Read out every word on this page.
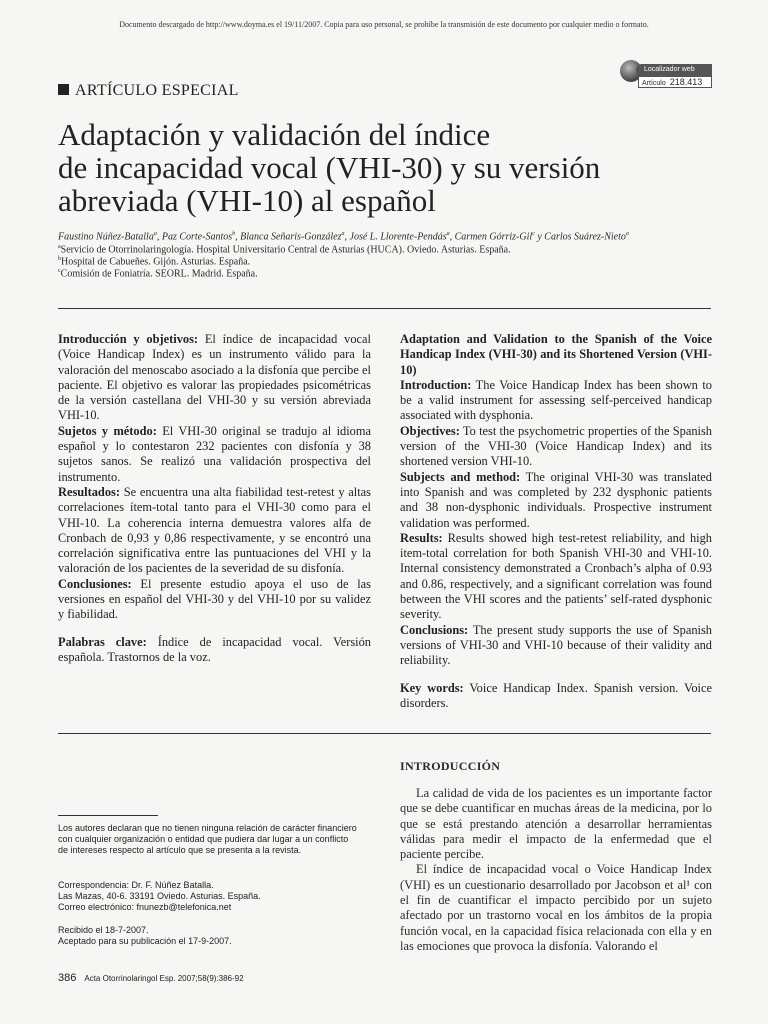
Documento descargado de http://www.doyma.es el 19/11/2007. Copia para uso personal, se prohíbe la transmisión de este documento por cualquier medio o formato.
ARTÍCULO ESPECIAL
Localizador web
Artículo 218.413
Adaptación y validación del índice
de incapacidad vocal (VHI-30) y su versión
abreviada (VHI-10) al español
Faustino Núñez-Batalla$^a$, Paz Corte-Santos$^b$, Blanca Señaris-González$^a$, José L. Llorente-Pendás$^a$, Carmen Górriz-Gil$^c$ y Carlos Suárez-Nieto$^a$
$^a$Servicio de Otorrinolaringología. Hospital Universitario Central de Asturias (HUCA). Oviedo. Asturias. España.
$^b$Hospital de Cabueñes. Gijón. Asturias. España.
$^c$Comisión de Foniatría. SEORL. Madrid. España.

Introducción y objetivos: El índice de incapacidad vocal (Voice Handicap Index) es un instrumento válido para la valoración del menoscabo asociado a la disfonía que percibe el paciente. El objetivo es valorar las propiedades psicométricas de la versión castellana del VHI-30 y su versión abreviada VHI-10.

Sujetos y método: El VHI-30 original se tradujo al idioma español y lo contestaron 232 pacientes con disfonía y 38 sujetos sanos. Se realizó una validación prospectiva del instrumento.

Resultados: Se encuentra una alta fiabilidad test-retest y altas correlaciones ítem-total tanto para el VHI-30 como para el VHI-10. La coherencia interna demuestra valores alfa de Cronbach de 0,93 y 0,86 respectivamente, y se encontró una correlación significativa entre las puntuaciones del VHI y la valoración de los pacientes de la severidad de su disfonía.

Conclusiones: El presente estudio apoya el uso de las versiones en español del VHI-30 y del VHI-10 por su validez y fiabilidad.

Palabras clave: Índice de incapacidad vocal. Versión española. Trastornos de la voz.

Adaptation and Validation to the Spanish of the Voice Handicap Index (VHI-30) and its Shortened Version (VHI-10)

Introduction: The Voice Handicap Index has been shown to be a valid instrument for assessing self-perceived handicap associated with dysphonia.

Objectives: To test the psychometric properties of the Spanish version of the VHI-30 (Voice Handicap Index) and its shortened version VHI-10.

Subjects and method: The original VHI-30 was translated into Spanish and was completed by 232 dysphonic patients and 38 non-dysphonic individuals. Prospective instrument validation was performed.

Results: Results showed high test-retest reliability, and high item-total correlation for both Spanish VHI-30 and VHI-10. Internal consistency demonstrated a Cronbach’s alpha of 0.93 and 0.86, respectively, and a significant correlation was found between the VHI scores and the patients’ self-rated dysphonic severity.

Conclusions: The present study supports the use of Spanish versions of VHI-30 and VHI-10 because of their validity and reliability.

Key words: Voice Handicap Index. Spanish version. Voice disorders.

INTRODUCCIÓN

La calidad de vida de los pacientes es un importante factor que se debe cuantificar en muchas áreas de la medicina, por lo que se está prestando atención a desarrollar herramientas válidas para medir el impacto de la enfermedad que el paciente percibe.

El índice de incapacidad vocal o Voice Handicap Index (VHI) es un cuestionario desarrollado por Jacobson et al¹ con el fin de cuantificar el impacto percibido por un sujeto afectado por un trastorno vocal en los ámbitos de la propia función vocal, en la capacidad física relacionada con ella y en las emociones que provoca la disfonía. Valorando el

Los autores declaran que no tienen ninguna relación de carácter financiero con cualquier organización o entidad que pudiera dar lugar a un conflicto de intereses respecto al artículo que se presenta a la revista.

Correspondencia: Dr. F. Núñez Batalla.

Las Mazas, 40-6. 33191 Oviedo. Asturias. España.

Correo electrónico: fnunezb@telefonica.net

Recibido el 18-7-2007.

Aceptado para su publicación el 17-9-2007.

386 Acta Otorrinolaringol Esp. 2007;58(9):386-92
